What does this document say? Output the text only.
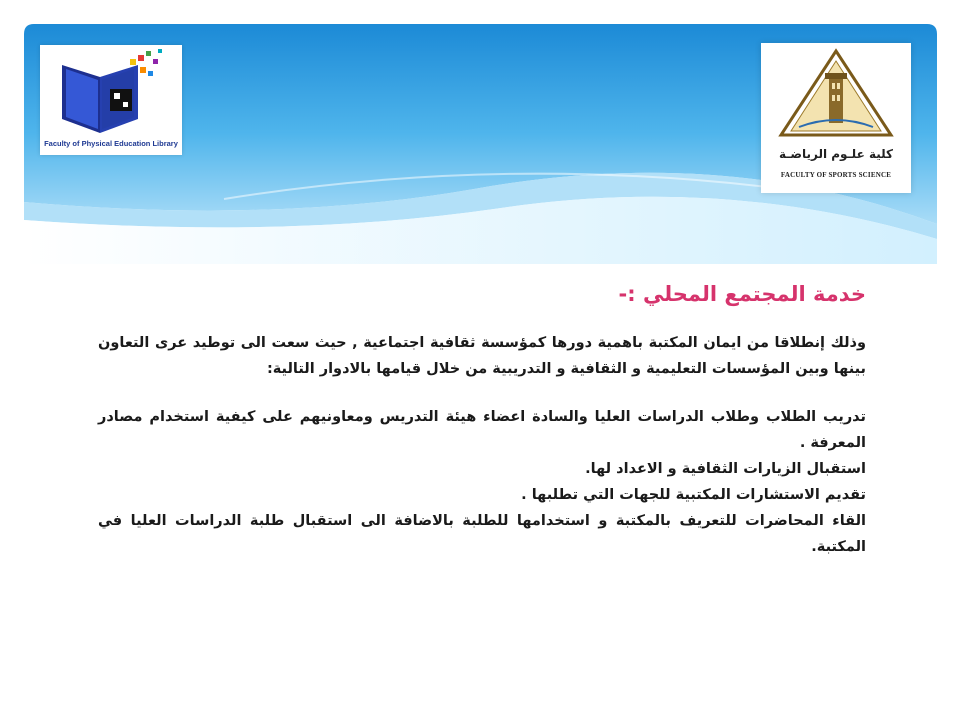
Faculty of Physical Education Library
كلية علـوم الرياضـة
FACULTY OF SPORTS SCIENCE
خدمة المجتمع المحلي :-

وذلك إنطلاقا من ايمان المكتبة باهمية دورها كمؤسسة ثقافية اجتماعية , حيث سعت الى توطيد عرى التعاون بينها وبين المؤسسات التعليمية و الثقافية و التدريبية من خلال قيامها بالادوار التالية:

تدريب الطلاب وطلاب الدراسات العليا والسادة اعضاء هيئة التدريس ومعاونيهم على كيفية استخدام مصادر المعرفة .

استقبال الزيارات الثقافية و الاعداد لها.

تقديم الاستشارات المكتبية للجهات التي تطلبها .

القاء المحاضرات للتعريف بالمكتبة و استخدامها للطلبة بالاضافة الى استقبال طلبة الدراسات العليا في المكتبة.
